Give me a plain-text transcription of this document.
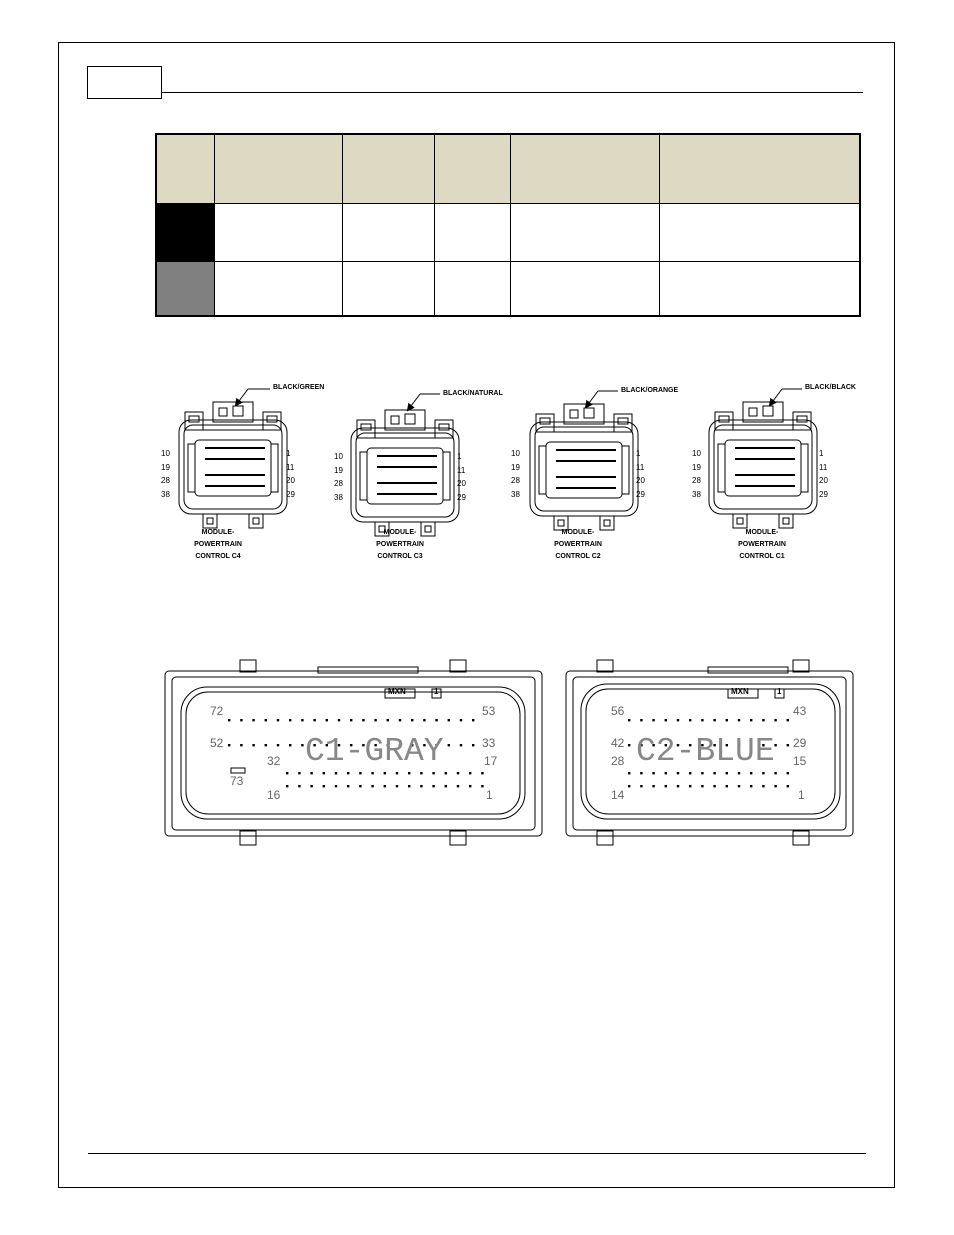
BLACK/GREEN
MODULE-
POWERTRAIN
CONTROL C4
BLACK/NATURAL
MODULE-
POWERTRAIN
CONTROL C3
BLACK/ORANGE
MODULE-
POWERTRAIN
CONTROL C2
BLACK/BLACK
MODULE-
POWERTRAIN
CONTROL C1
10
19
28
38
1
11
20
29
10
19
28
38
1
11
20
29
10
19
28
38
1
11
20
29
10
19
28
38
1
11
20
29
MXN	1
72	53
52	33
32	17
73
16	1
C1-GRAY
MXN	1
56	43
42	29
28	15
14	1
C2-BLUE
